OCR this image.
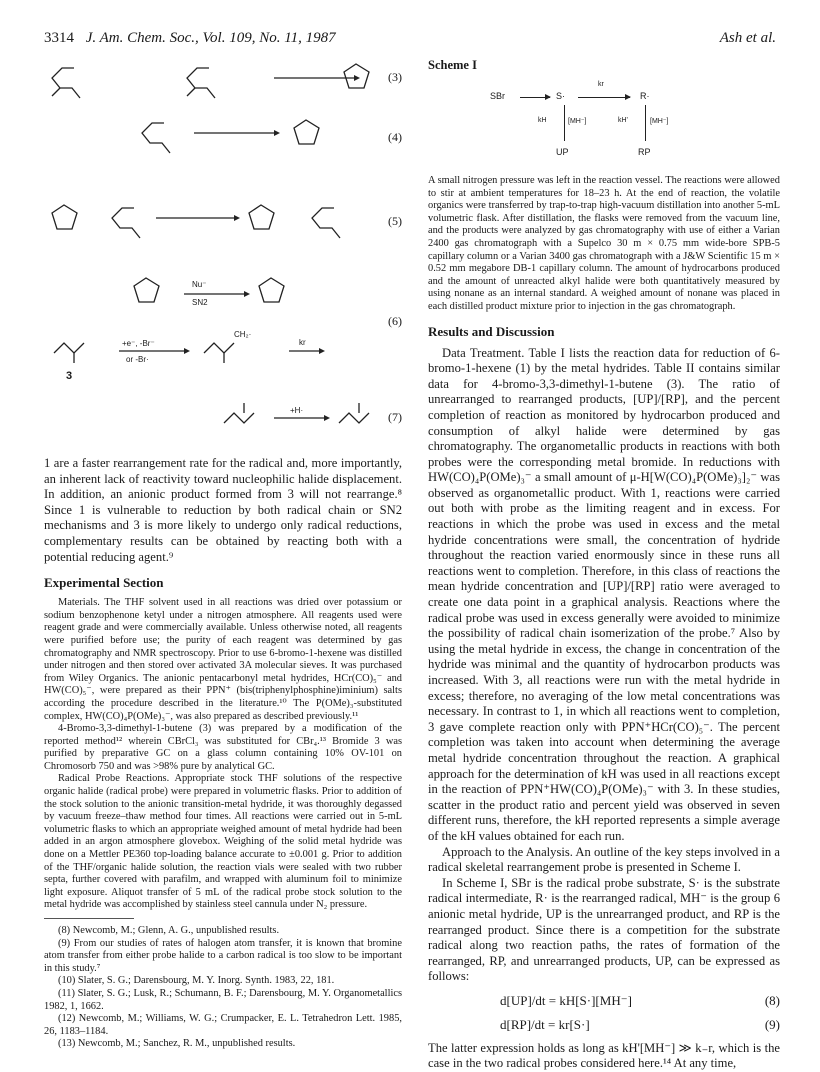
3314 J. Am. Chem. Soc., Vol. 109, No. 11, 1987	Ash et al.
(3)
(4)
(5)
(6)
(7)
Nu⁻
SN2
+e⁻, -Br⁻
or -Br·
CH₂·
kr
+H·
3

1 are a faster rearrangement rate for the radical and, more importantly, an inherent lack of reactivity toward nucleophilic halide displacement. In addition, an anionic product formed from 3 will not rearrange.⁸ Since 1 is vulnerable to reduction by both radical chain or SN2 mechanisms and 3 is more likely to undergo only radical reductions, complementary results can be obtained by reacting both with a potential reducing agent.⁹

Experimental Section

Materials. The THF solvent used in all reactions was dried over potassium or sodium benzophenone ketyl under a nitrogen atmosphere. All reagents used were reagent grade and were commercially available. Unless otherwise noted, all reagents were purified before use; the purity of each reagent was determined by gas chromatography and NMR spectroscopy. Prior to use 6-bromo-1-hexene was distilled under nitrogen and then stored over activated 3A molecular sieves. It was purchased from Wiley Organics. The anionic pentacarbonyl metal hydrides, HCr(CO)₅⁻ and HW(CO)₅⁻, were prepared as their PPN⁺ (bis(triphenylphosphine)iminium) salts according the procedure described in the literature.¹⁰ The P(OMe)₃-substituted complex, HW(CO)₄P(OMe)₃⁻, was also prepared as described previously.¹¹

4-Bromo-3,3-dimethyl-1-butene (3) was prepared by a modification of the reported method¹² wherein CBrCl₃ was substituted for CBr₄.¹³ Bromide 3 was purified by preparative GC on a glass column containing 10% OV-101 on Chromosorb 750 and was >98% pure by analytical GC.

Radical Probe Reactions. Appropriate stock THF solutions of the respective organic halide (radical probe) were prepared in volumetric flasks. Prior to addition of the stock solution to the anionic transition-metal hydride, it was thoroughly degassed by vacuum freeze–thaw method four times. All reactions were carried out in 5-mL volumetric flasks to which an appropriate weighed amount of metal hydride had been added in an argon atmosphere glovebox. Weighing of the solid metal hydride was done on a Mettler PE360 top-loading balance accurate to ±0.001 g. Prior to addition of the THF/organic halide solution, the reaction vials were sealed with two rubber septa, further covered with parafilm, and wrapped with aluminum foil to minimize light exposure. Aliquot transfer of 5 mL of the radical probe stock solution to the metal hydride was accomplished by stainless steel cannula under N₂ pressure.

(8) Newcomb, M.; Glenn, A. G., unpublished results.

(9) From our studies of rates of halogen atom transfer, it is known that bromine atom transfer from either probe halide to a carbon radical is too slow to be important in this study.⁷

(10) Slater, S. G.; Darensbourg, M. Y. Inorg. Synth. 1983, 22, 181.

(11) Slater, S. G.; Lusk, R.; Schumann, B. F.; Darensbourg, M. Y. Organometallics 1982, 1, 1662.

(12) Newcomb, M.; Williams, W. G.; Crumpacker, E. L. Tetrahedron Lett. 1985, 26, 1183–1184.

(13) Newcomb, M.; Sanchez, R. M., unpublished results.

Scheme I
SBr	S·
kr
R·
kH	[MH⁻]	kH'	[MH⁻]
UP	RP

A small nitrogen pressure was left in the reaction vessel. The reactions were allowed to stir at ambient temperatures for 18–23 h. At the end of reaction, the volatile organics were transferred by trap-to-trap high-vacuum distillation into another 5-mL volumetric flask. After distillation, the flasks were removed from the vacuum line, and the products were analyzed by gas chromatography with use of either a Varian 2400 gas chromatograph with a Supelco 30 m × 0.75 mm wide-bore SPB-5 capillary column or a Varian 3400 gas chromatograph with a J&W Scientific 15 m × 0.52 mm megabore DB-1 capillary column. The amount of hydrocarbons produced and the amount of unreacted alkyl halide were both quantitatively measured by using nonane as an internal standard. A weighed amount of nonane was placed in each distilled product mixture prior to injection in the gas chromatograph.

Results and Discussion

Data Treatment. Table I lists the reaction data for reduction of 6-bromo-1-hexene (1) by the metal hydrides. Table II contains similar data for 4-bromo-3,3-dimethyl-1-butene (3). The ratio of unrearranged to rearranged products, [UP]/[RP], and the percent completion of reaction as monitored by hydrocarbon produced and consumption of alkyl halide were determined by gas chromatography. The organometallic products in reactions with both probes were the corresponding metal bromide. In reductions with HW(CO)₄P(OMe)₃⁻ a small amount of μ-H[W(CO)₄P(OMe)₃]₂⁻ was observed as organometallic product. With 1, reactions were carried out both with probe as the limiting reagent and in excess. For reactions in which the probe was used in excess and the metal hydride concentrations were small, the concentration of hydride throughout the reaction varied enormously since in these runs all reactions went to completion. Therefore, in this class of reactions the mean hydride concentration and [UP]/[RP] ratio were averaged to create one data point in a graphical analysis. Reactions where the radical probe was used in excess generally were avoided to minimize the possibility of radical chain isomerization of the probe.⁷ Also by using the metal hydride in excess, the change in concentration of the hydride was minimal and the quantity of hydrocarbon products was increased. With 3, all reactions were run with the metal hydride in excess; therefore, no averaging of the low metal concentrations was necessary. In contrast to 1, in which all reactions went to completion, 3 gave complete reaction only with PPN⁺HCr(CO)₅⁻. The percent completion was taken into account when determining the average metal hydride concentration throughout the reaction. A graphical approach for the determination of kH was used in all reactions except in the reaction of PPN⁺HW(CO)₄P(OMe)₃⁻ with 3. In these studies, scatter in the product ratio and percent yield was observed in seven different runs, therefore, the kH reported represents a simple average of the kH values obtained for each run.

Approach to the Analysis. An outline of the key steps involved in a radical skeletal rearrangement probe is presented in Scheme I.

In Scheme I, SBr is the radical probe substrate, S· is the substrate radical intermediate, R· is the rearranged radical, MH⁻ is the group 6 anionic metal hydride, UP is the unrearranged product, and RP is the rearranged product. Since there is a competition for the substrate radical along two reaction paths, the rates of formation of the rearranged, RP, and unrearranged products, UP, can be expressed as follows:

d[UP]/dt = kH[S·][MH⁻]	(8)
d[RP]/dt = kr[S·]	(9)

The latter expression holds as long as kH'[MH⁻] ≫ k₋r, which is the case in the two radical probes considered here.¹⁴ At any time,
